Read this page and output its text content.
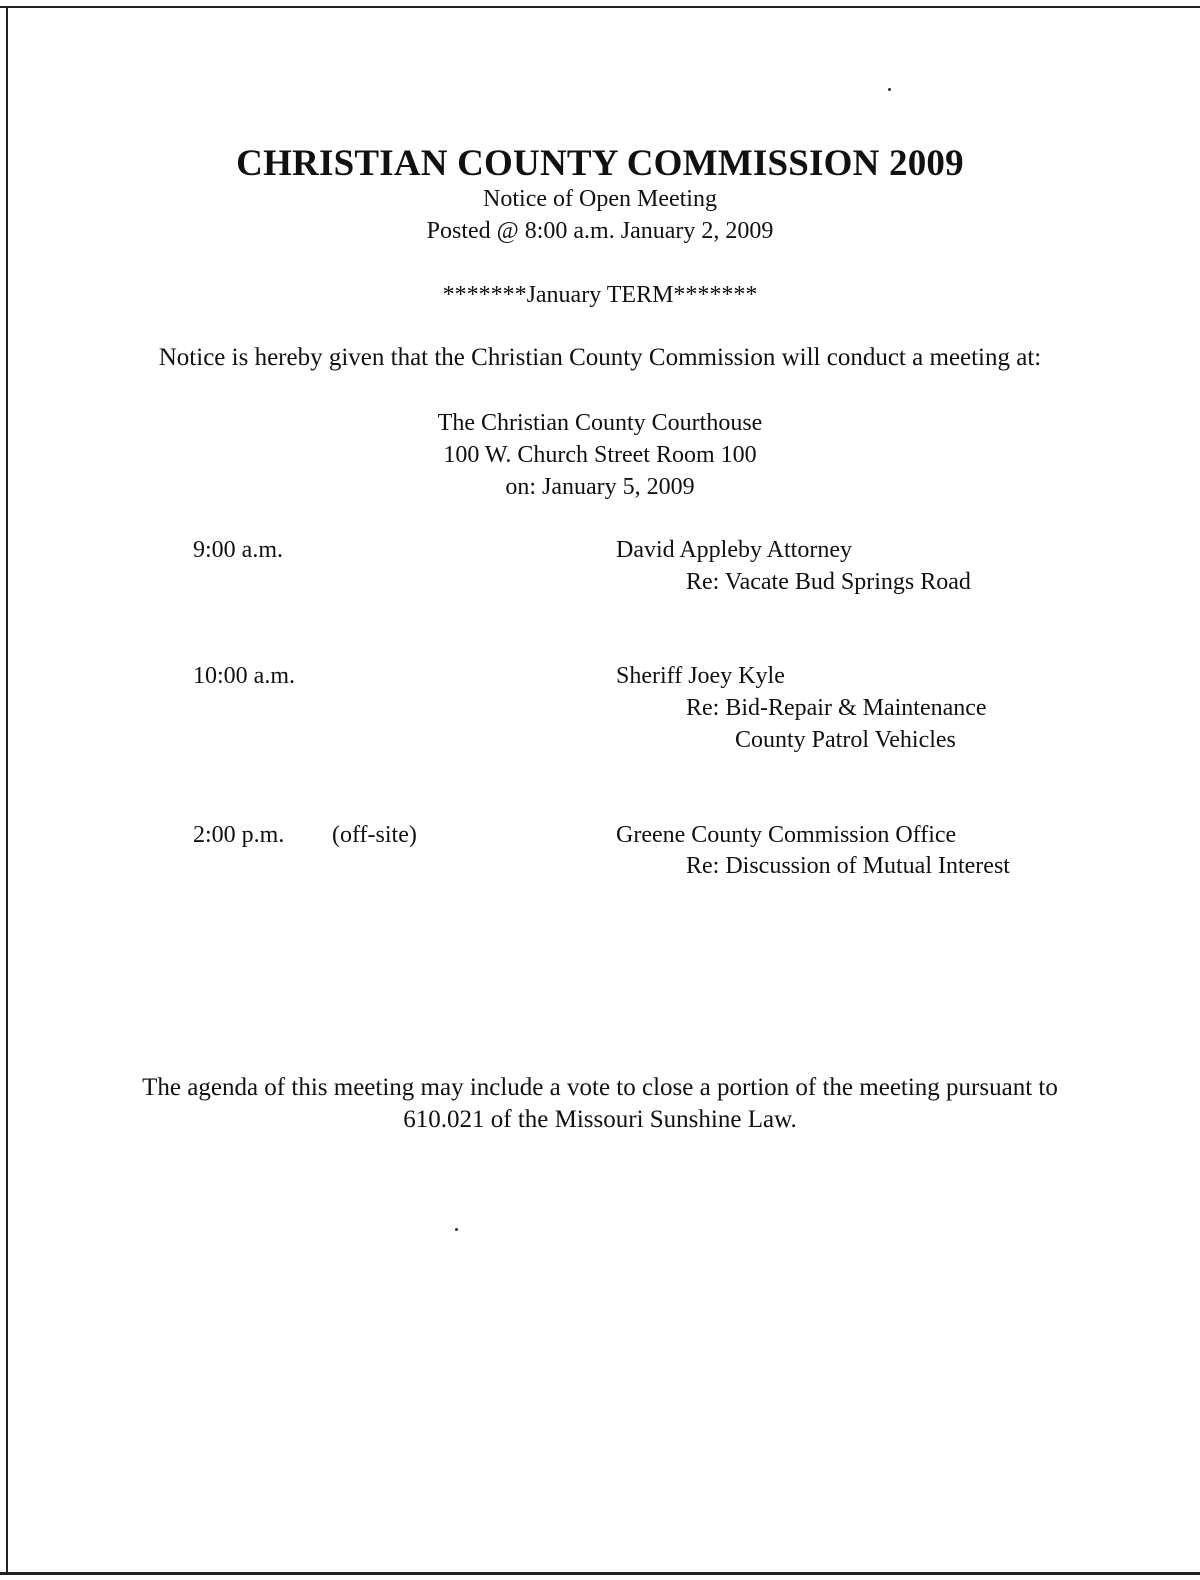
CHRISTIAN COUNTY COMMISSION 2009
Notice of Open Meeting
Posted @ 8:00 a.m. January 2, 2009
*******January TERM*******
Notice is hereby given that the Christian County Commission will conduct a meeting at:
The Christian County Courthouse
100 W. Church Street Room 100
on: January 5, 2009
9:00 a.m.	David Appleby Attorney
Re: Vacate Bud Springs Road
10:00 a.m.	Sheriff Joey Kyle
Re: Bid-Repair & Maintenance
County Patrol Vehicles
2:00 p.m. (off-site)	Greene County Commission Office
Re: Discussion of Mutual Interest
The agenda of this meeting may include a vote to close a portion of the meeting pursuant to
610.021 of the Missouri Sunshine Law.
